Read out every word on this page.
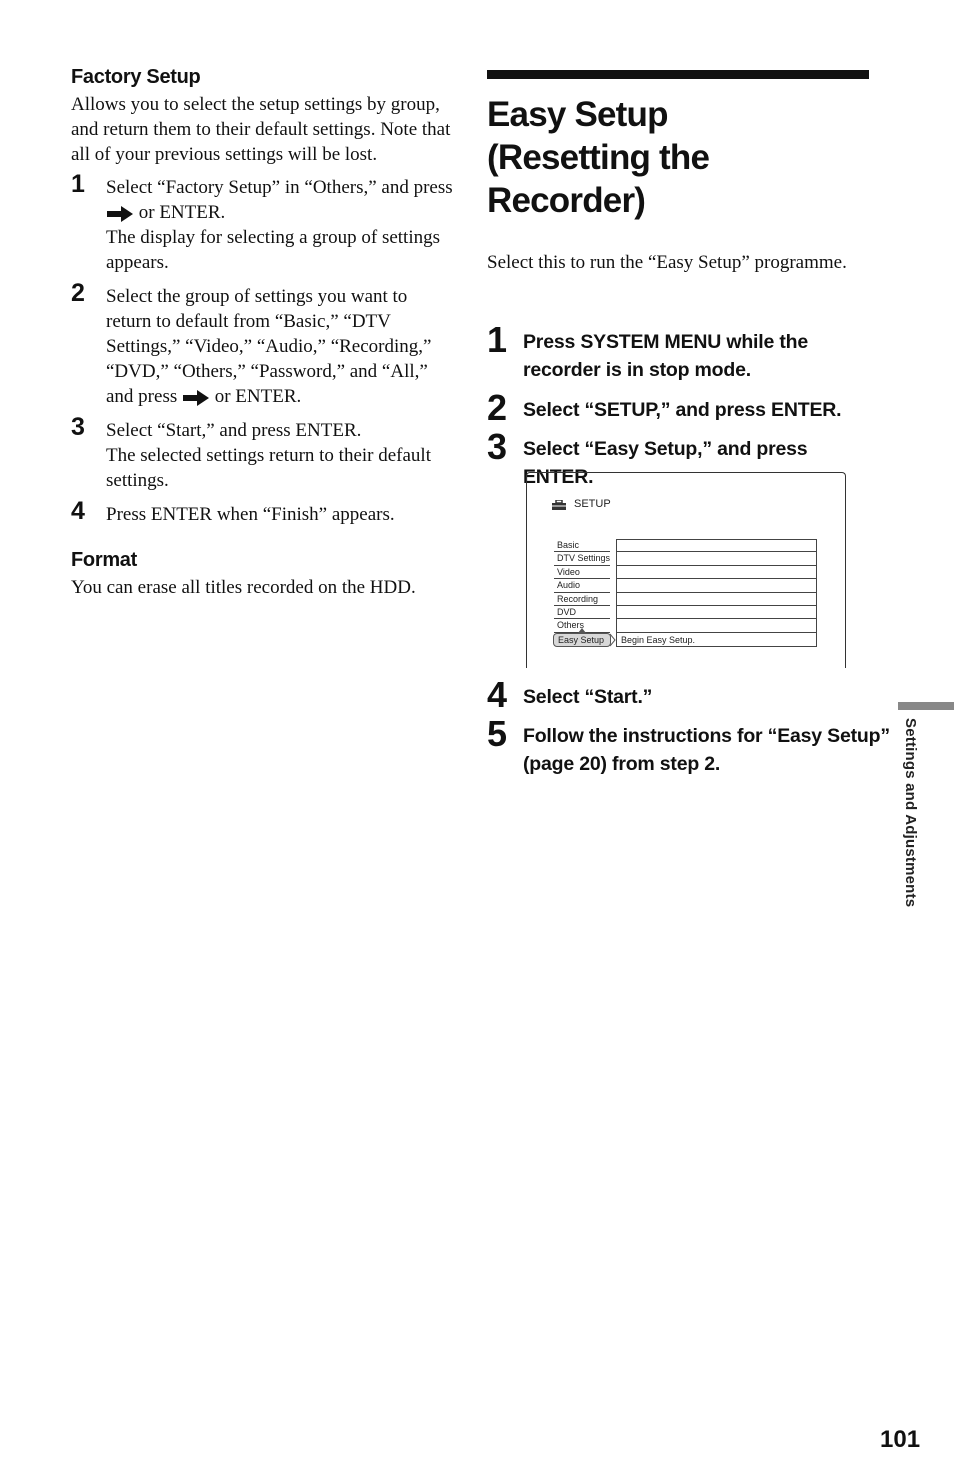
Factory Setup

Allows you to select the setup settings by group, and return them to their default settings. Note that all of your previous settings will be lost.

1 Select “Factory Setup” in “Others,” and press  or ENTER.
The display for selecting a group of settings appears.
2 Select the group of settings you want to return to default from “Basic,” “DTV Settings,” “Video,” “Audio,” “Recording,” “DVD,” “Others,” “Password,” and “All,” and press or ENTER.
3 Select “Start,” and press ENTER.
The selected settings return to their default settings.
4 Press ENTER when “Finish” appears.
Format

You can erase all titles recorded on the HDD.

Easy Setup
(Resetting the Recorder)

Select this to run the “Easy Setup” programme.

1 Press SYSTEM MENU while the recorder is in stop mode.
2 Select “SETUP,” and press ENTER.
3 Select “Easy Setup,” and press ENTER.
SETUP
Basic
DTV Settings
Video
Audio
Recording
DVD
Others
Easy Setup	Begin Easy Setup.
4 Select “Start.”
5 Follow the instructions for “Easy Setup” (page 20) from step 2.	Settings and Adjustments
101
